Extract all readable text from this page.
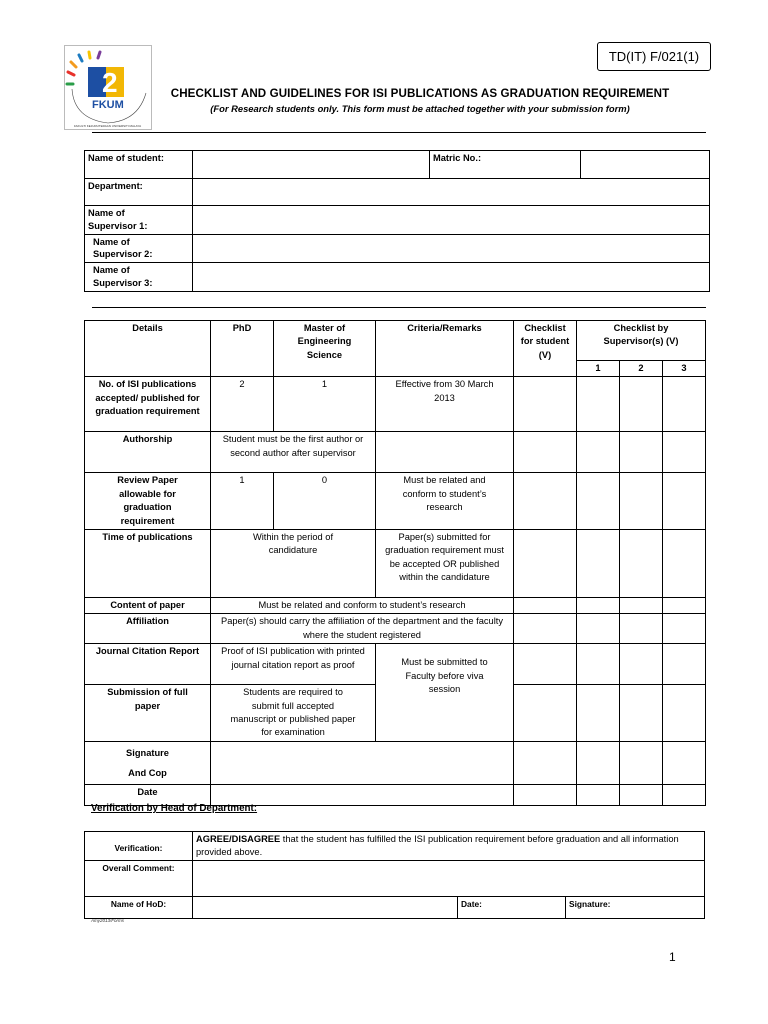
TD(IT) F/021(1)
2
FKUM
FAKULTI KEJURUTERAAN UNIVERSITI MALAYA
CHECKLIST AND GUIDELINES FOR ISI PUBLICATIONS AS GRADUATION REQUIREMENT
(For Research students only. This form must be attached together with your submission form)
Name of student:		Matric No.:	
Department:			
Name of
Supervisor 1:			
Name of
Supervisor 2:			
Name of
Supervisor 3:			
Details	PhD	Master of Engineering Science	Criteria/Remarks	Checklist for student (V)	Checklist by Supervisor(s) (V)		
					1	2	3
No. of ISI publications accepted/ published for graduation requirement	2	1	Effective from 30 March 2013				
Authorship	Student must be the first author or second author after supervisor						
Review Paper allowable for graduation requirement	1	0	Must be related and conform to student’s research				
Time of publications	Within the period of candidature		Paper(s) submitted for graduation requirement must be accepted OR published within the candidature				
Content of paper	Must be related and conform to student’s research						
Affiliation	Paper(s) should carry the affiliation of the department and the faculty where the student registered						
Journal Citation Report	Proof of ISI publication with printed journal citation report as proof		Must be submitted to Faculty before viva session				
Submission of full paper	Students are required to submit full accepted manuscript or published paper for examination						
Signature
And Cop							
Date							
Verification by Head of Department:
Verification:	AGREE/DISAGREE that the student has fulfilled the ISI publication requirement before graduation and all information provided above.		
Overall Comment:			
Name of HoD:		Date:	Signature:
Amy2013/Forms
1
